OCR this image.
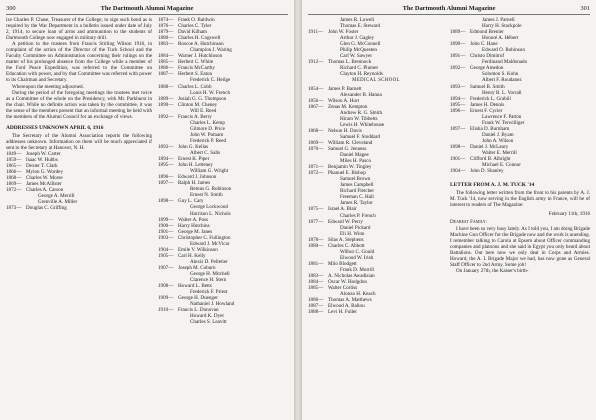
300	The Dartmouth Alumni Magazine

ize Charles P. Chase, Treasurer of the College, to sign such bond as is required by the War Department in a bulletin issued under date of July 2, 1914, to secure loan of arms and ammunition to the students of Dartmouth College now engaged in military drill.

A petition to the trustees from Francis Stirling Wilson 1916, in complaint of the action of the Director of the Tuck School and the Faculty Committee on Administration concerning their rulings on the matter of his prolonged absence from the College while a member of the Ford Peace Expedition, was referred to the Committee on Education with power, and by that Committee was referred with power to its Chairman and Secretary.

Whereupon the meeting adjourned.

During the period of the foregoing meetings the trustees met twice as a Committee of the whole on the Presidency, with Mr. Parkhurst in the chair. While no definite action was taken by the committee, it was the sense of the members present that an informal meeting be held with the members of the Alumni Council for an exchange of views.

ADDRESSES UNKNOWN APRIL 6, 1916

The Secretary of the Alumni Association reports the following addresses unknown. Information on them will be much appreciated if sent to the Secretary at Hanover, N. H.

1849— Joseph W. Carter
1859— Isaac W. Hubbs
1865— Dexter T. Clark
1866— Mylon G. Wordey
1868— Charles W. Morse
1869— James McAllister
1872— Charles A. Carson
George A. Merrill
Grenville A. Miller
1873— Douglas C. Griffing
1874— Frank O. Baldwin
1876— Charles C. Tyler
1879— David Kilham
1880— Charles H. Cogswell
1883— Roscoe A. Hutchinson
Champion J. Waring
1884— Warner J. Hutchinson
1885— Herbert C. White
1886— Francis McCarthy
1887— Herbert S. Eaton
Frederick C. Heilge
1888— Charles L. Cobb
Louis H. W. French
1889— Josiah G. G. Thompson
1890— Clinton M. Cheney
Will E. Reed
1892— Francis A. Berry
Charles L. Kemp
Gilmore D. Price
John W. Putnam
Frederick P. Reed
1893— John G. Kellas
Albert C. Salls
1894— Ernest K. Piper
1895— John H. Letteney
William G. Wright
1896— Edward J. Johnson
1897— Ralph H. James
Remus G. Robinson
Ernest N. Smith
1898— Guy L. Cary
George Lockwood
Harrison L. Nichols
1899— Walter A. Poss
1900— Harry Hutchins
1901— George M. Janes
1903— Christopher C. Fullington
Edward J. McVicar
1904— Emile V. Wilkinson
1905— Carl H. Kelly
Alexis D. Pelletier
1907— Joseph M. Coburn
George H. Mitchell
Clarence H. Stern
1908— Howard L. Betts
Frederick F. Priest
1909— George H. Duenger
Nathaniel J. Howland
1910— Francis L. Donovan
Howard K. Dyer
Charles S. Leavitt
The Dartmouth Alumni Magazine	301
James R. Lowell
Thomas E. Steward
1911— John W. Foster
Arthur J. Gagley
Glen G. McConnell
Philip McQuesten
Carl W. Sawyer
1912— Thomas L. Brennock
Richard C. Plumer
Clayton H. Reynolds

MEDICAL SCHOOL

1854— James P. Barnett
Alexander B. Hanna
1856— Wilson A. Hurt
1867— Zenas M. Kempton
Andrew R. G. Smith
Hiram W. Tibbetts
Lewis H. Whitehouse
1868— Nelson H. Davis
Samuel F. Stoddard
1869— William R. Cleveland
1870— Samuel G. Jenness
Daniel Magee
Miles H. Pasco
1871— Benjamin W. Tingley
1872— Phanuel E. Bishop
Samuel Brown
James Campbell
Richard Fletcher
Freeman C. Hall
James R. Taylor
1875— Israel A. Blair
Charles P. French
1877— Edward W. Perry
Daniel Pickard
Eli H. Winn
1878— Silas A. Stephens
1880— Charles C. Abbott
Wilbur C. Gould
Elwood W. Irish
1881— Milo Blodgett
Frank D. Morrill
1883— A. Nicholas Awadisian
1884— Oscar W. Hodgdon
1885— Walter Corliss
Alonzo H. Keach
1886— Thomas A. Matthews
1887— Elwood A. Ballou
1888— Levi H. Fuller
James J. Parnell
Harry H. Stackpole
1889— Edmond Brenier
Honoré A. Hébert
1890— John C. Hane
Edward O. Robinson
1891— Christo Dimitrof
Ferdinand Maldonado
1892— George Amedon
Solomon S. Kohn
Albert F. Roudanez
1893— Samuel B. Smith
Henry R. L. Vorrall
1894— Frederick L. Grabill
1895— James H. Dennis
1896— Ernest F. Cyrier
Lawrence F. Patton
Frank W. Terwilliger
1897— Elisha D. Burnham
Daniel J. Byam
John A. Wilson
1898— Daniel J. McLaury
Walter E. Merrill
1901— Clifford B. Albright
Michael E. Connor
1904— John D. Shanley

LETTER FROM A. J. M. TUCK '14

The following letter written from the front to his parents by A. J. M. Tuck '14, now serving in the English army in France, will be of interest to readers of The Magazine:

February 11th, 1916

Dearest Family:

I have been so very busy lately. As I told you, I am doing Brigade Machine Gun Officer for the Brigade now and the work is unending. I remember talking to Carola at Epsom about Officer commanding companies and platoons and she said in Egypt you only heard about Battalions. Out here now we only deal in Corps and Armies. Howard, the A. I. Brigade Major we had, has now gone as General Staff Officer to 2nd Army. Some job!

On January 27th, the Kaiser's birth-
